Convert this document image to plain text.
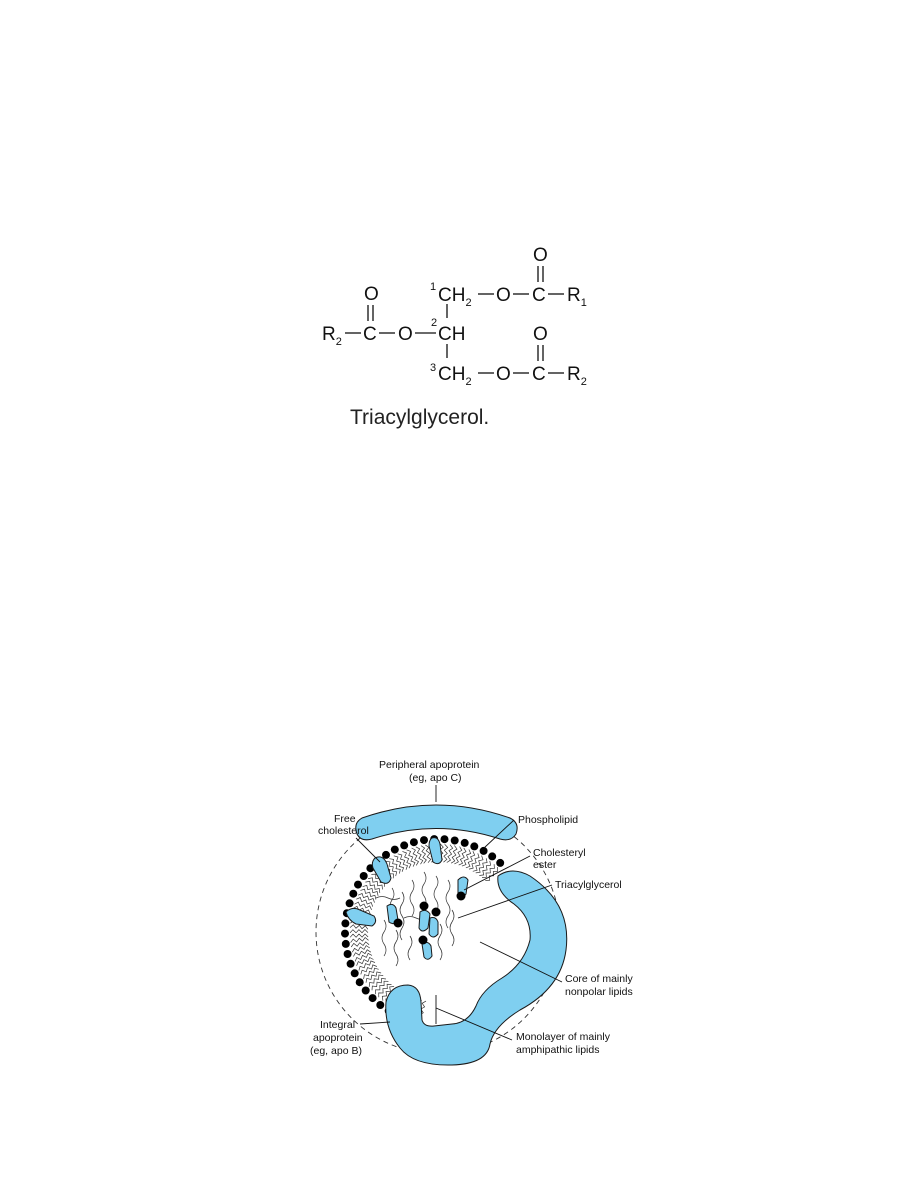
O
1 $CH_2$ O C $R_1$
O
$R_2$ C O
2
CH	O
3 $CH_2$ O C $R_2$
Triacylglycerol.
Peripheral apoprotein
(eg, apo C)
Free
cholesterol
Phospholipid
Cholesteryl
ester
Triacylglycerol
Core of mainly
nonpolar lipids
Integral
apoprotein
(eg, apo B)
Monolayer of mainly
amphipathic lipids
